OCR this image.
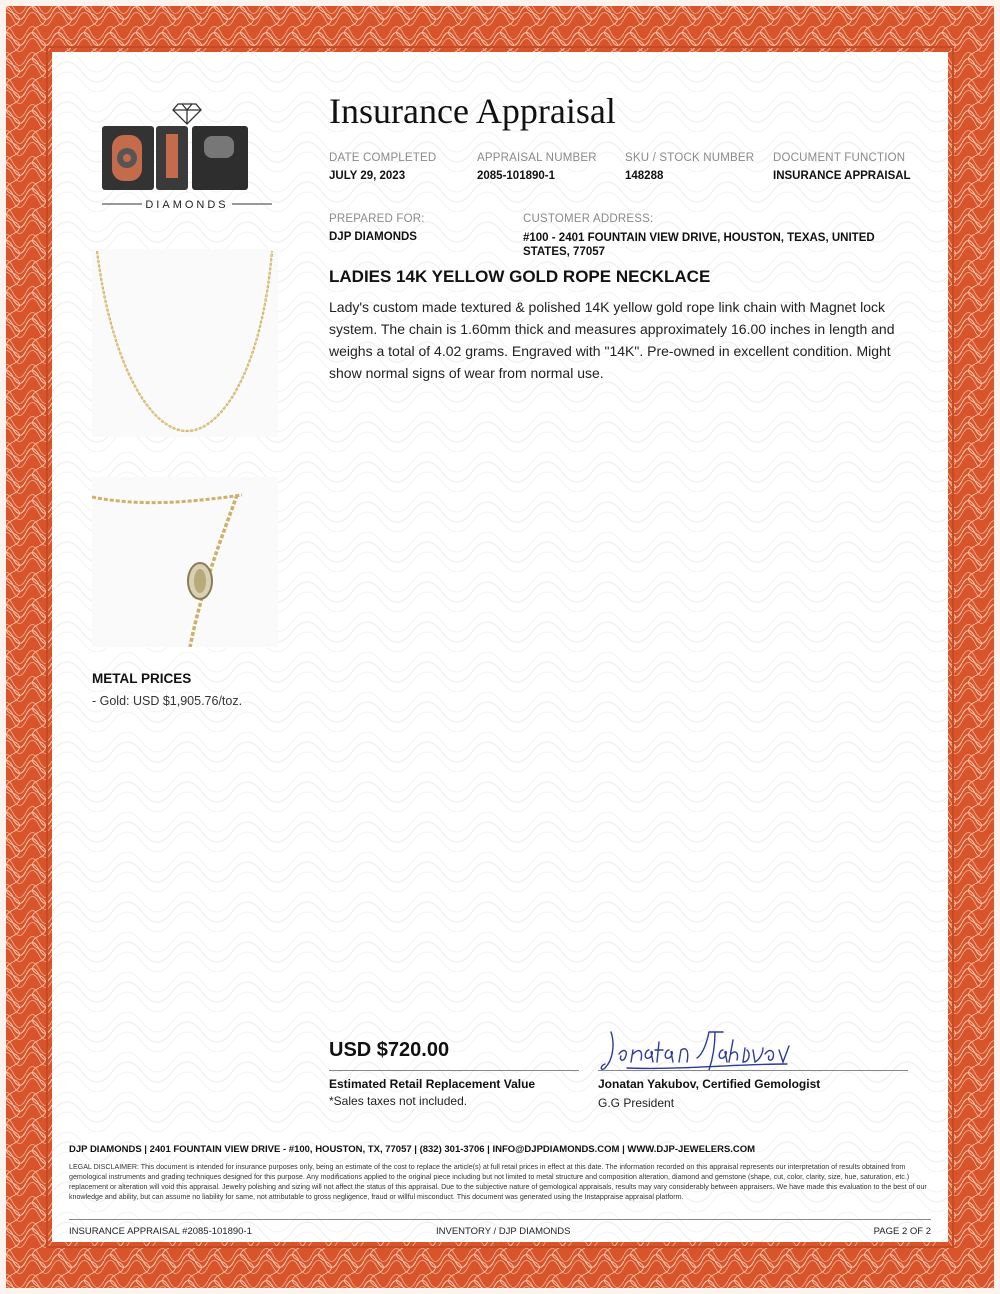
DIAMONDS
Insurance Appraisal
DATE COMPLETED
JULY 29, 2023
APPRAISAL NUMBER
2085-101890-1
SKU / STOCK NUMBER
148288
DOCUMENT FUNCTION
INSURANCE APPRAISAL
PREPARED FOR:
DJP DIAMONDS
CUSTOMER ADDRESS:
#100 - 2401 FOUNTAIN VIEW DRIVE, HOUSTON, TEXAS, UNITED STATES, 77057
LADIES 14K YELLOW GOLD ROPE NECKLACE
Lady's custom made textured & polished 14K yellow gold rope link chain with Magnet lock system. The chain is 1.60mm thick and measures approximately 16.00 inches in length and weighs a total of 4.02 grams. Engraved with "14K". Pre-owned in excellent condition. Might show normal signs of wear from normal use.
METAL PRICES
- Gold: USD $1,905.76/toz.
USD $720.00
Estimated Retail Replacement Value
*Sales taxes not included.
Jonatan Yakubov, Certified Gemologist
G.G President
DJP DIAMONDS | 2401 FOUNTAIN VIEW DRIVE - #100, HOUSTON, TX, 77057 | (832) 301-3706 | INFO@DJPDIAMONDS.COM | WWW.DJP-JEWELERS.COM
LEGAL DISCLAIMER: This document is intended for insurance purposes only, being an estimate of the cost to replace the article(s) at full retail prices in effect at this date. The information recorded on this appraisal represents our interpretation of results obtained from gemological instruments and grading techniques designed for this purpose. Any modifications applied to the original piece including but not limited to metal structure and composition alteration, diamond and gemstone (shape, cut, color, clarity, size, hue, saturation, etc.) replacement or alteration will void this appraisal. Jewelry polishing and sizing will not affect the status of this appraisal. Due to the subjective nature of gemological appraisals, results may vary considerably between appraisers. We have made this evaluation to the best of our knowledge and ability, but can assume no liability for same, not attributable to gross negligence, fraud or willful misconduct. This document was generated using the Instappraise appraisal platform.
INSURANCE APPRAISAL #2085-101890-1	INVENTORY / DJP DIAMONDS	PAGE 2 OF 2
